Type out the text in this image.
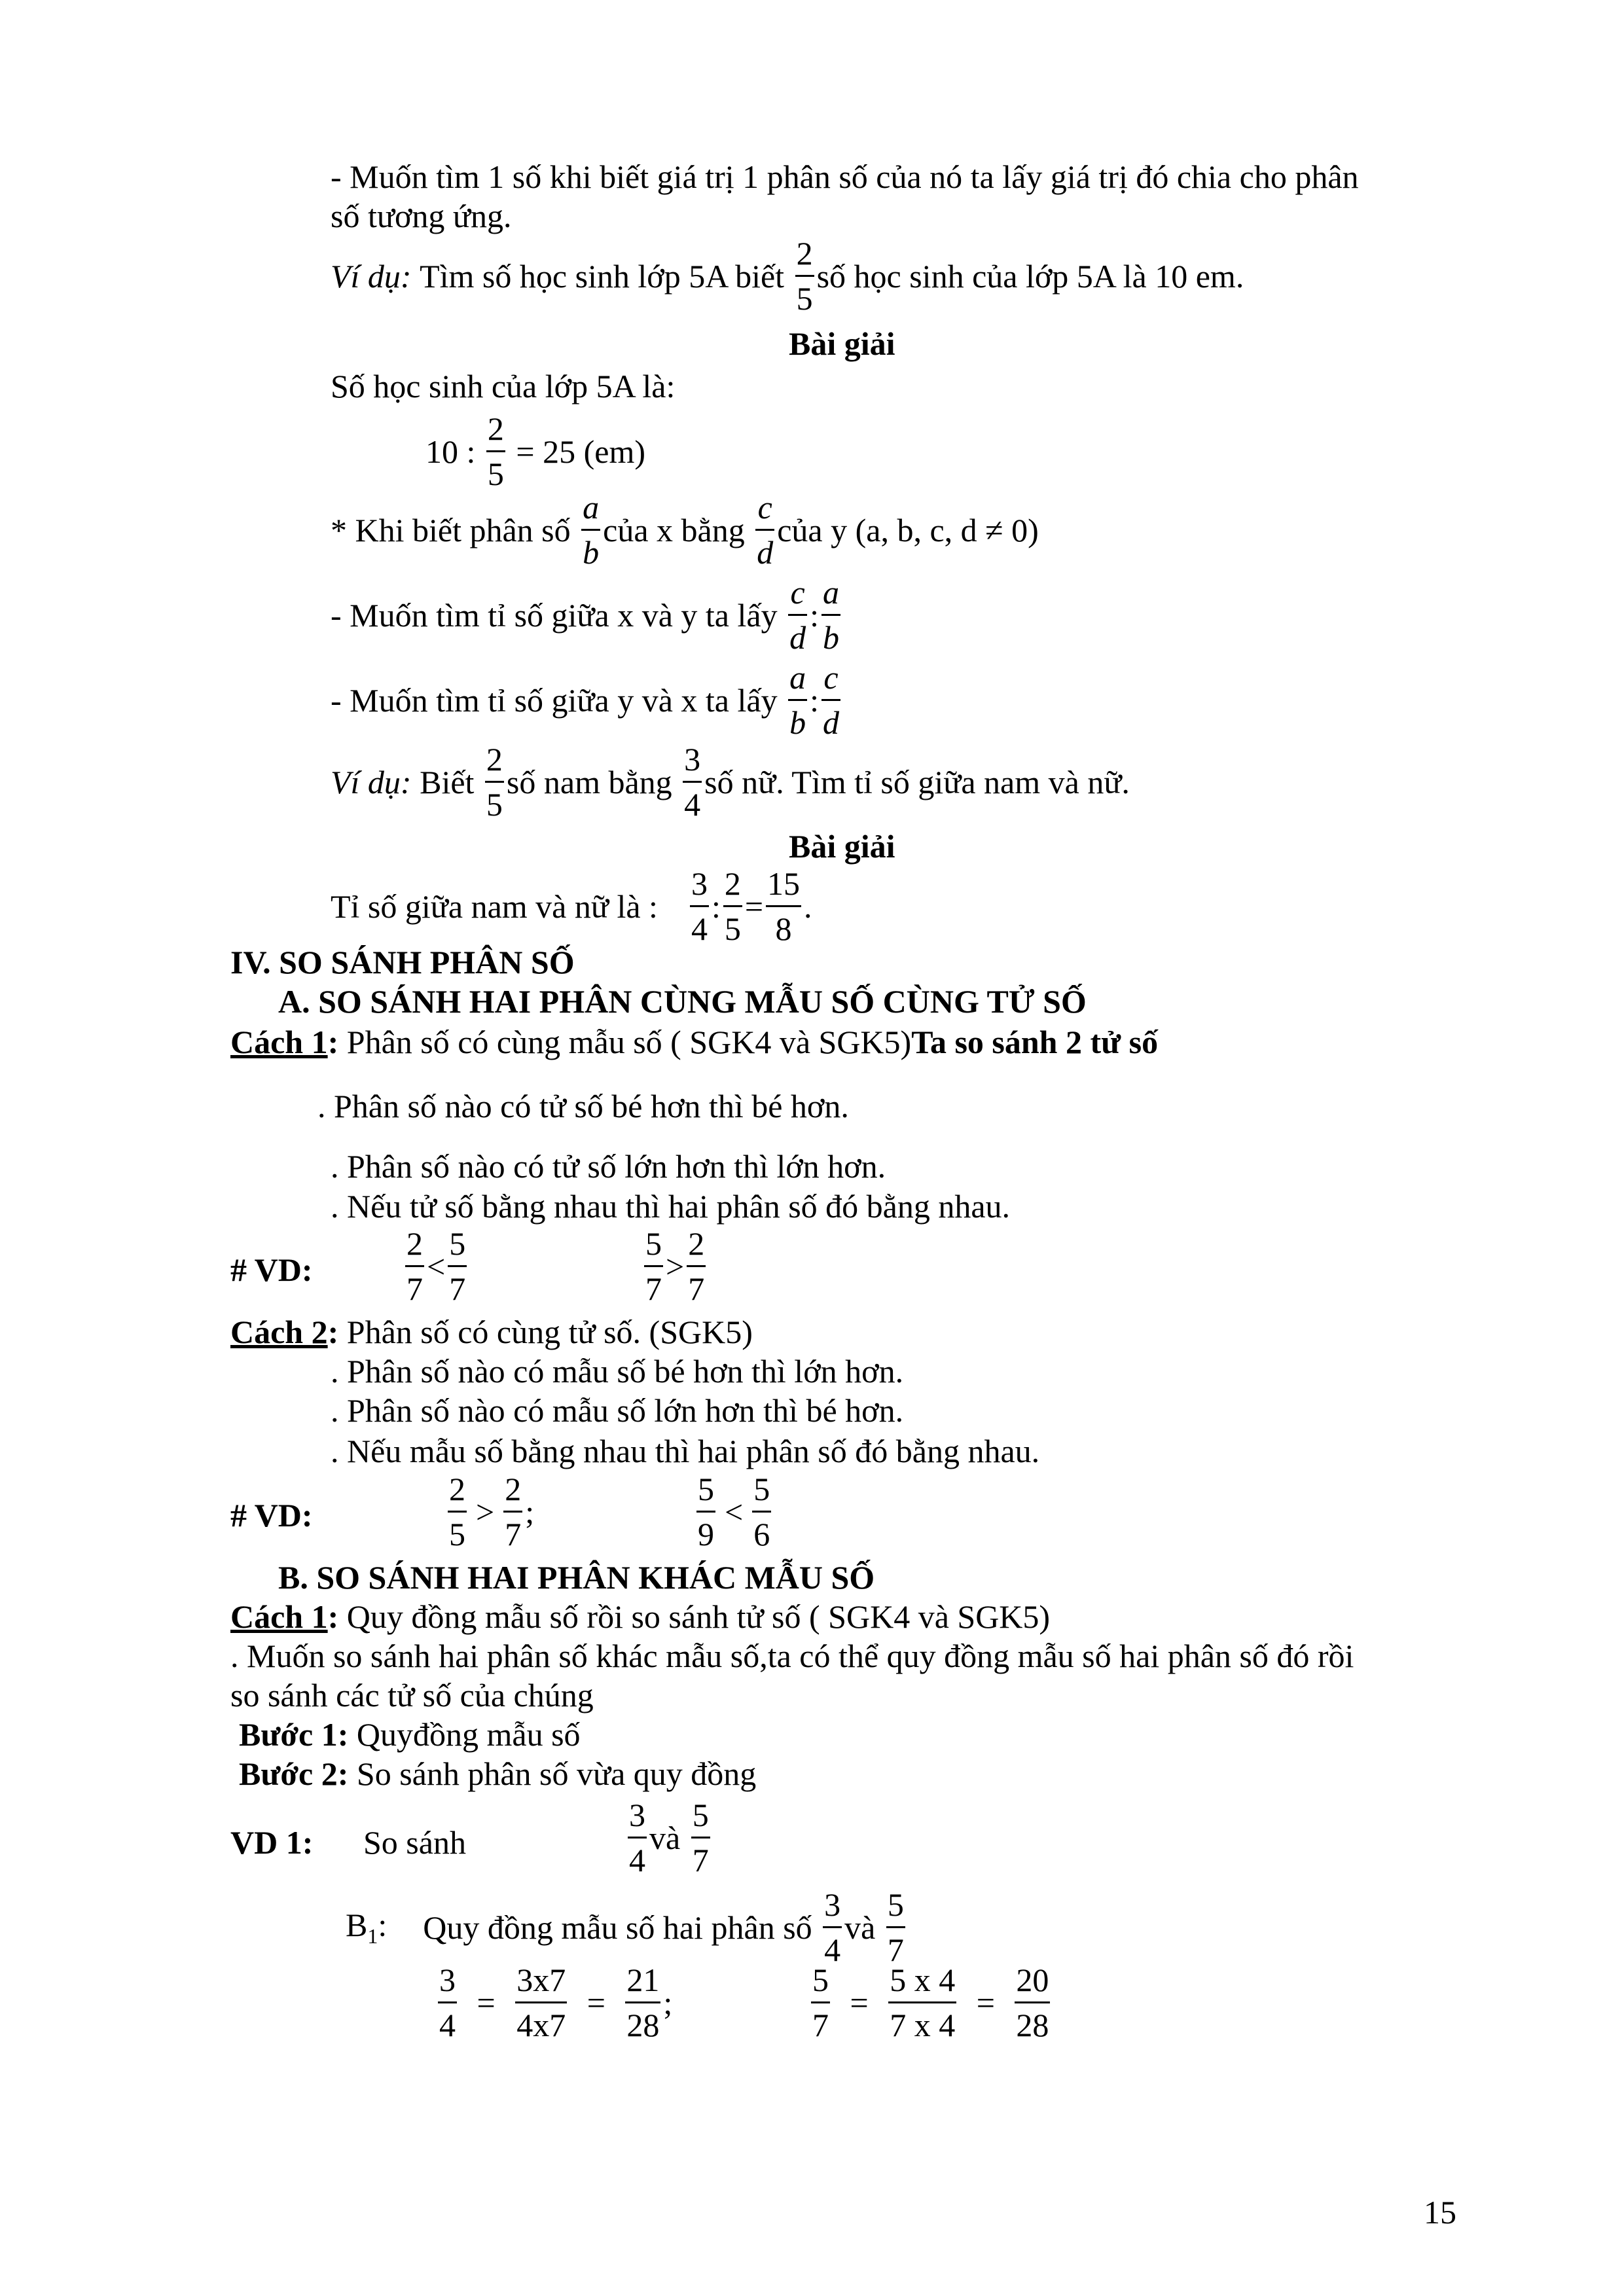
- Muốn tìm 1 số khi biết giá trị 1 phân số của nó ta lấy giá trị đó chia cho phân
số tương ứng.
Ví dụ: Tìm số học sinh lớp 5A biết $\frac{2}{5}$ số học sinh của lớp 5A là 10 em.
Bài giải
Số học sinh của lớp 5A là:
10 : $\frac{2}{5} = 25$ (em)
* Khi biết phân số $\frac{a}{b}$ của x bằng $\frac{c}{d}$ của y (a, b, c, d ≠ 0)
- Muốn tìm tỉ số giữa x và y ta lấy $\frac{c}{d}$ : $\frac{a}{b}$
- Muốn tìm tỉ số giữa y và x ta lấy $\frac{a}{b}$ : $\frac{c}{d}$
Ví dụ: Biết $\frac{2}{5}$ số nam bằng $\frac{3}{4}$ số nữ. Tìm tỉ số giữa nam và nữ.
Bài giải
Tỉ số giữa nam và nữ là : $\frac{3}{4}$ : $\frac{2}{5} = \frac{15}{8}$ .
IV. SO SÁNH PHÂN SỐ
A. SO SÁNH HAI PHÂN CÙNG MẪU SỐ CÙNG TỬ SỐ
Cách 1: Phân số có cùng mẫu số ( SGK4 và SGK5)Ta so sánh 2 tử số
. Phân số nào có tử số bé hơn thì bé hơn.
. Phân số nào có tử số lớn hơn thì lớn hơn.
. Nếu tử số bằng nhau thì hai phân số đó bằng nhau.
# VD:	$\frac{2}{7} < \frac{5}{7}$	$\frac{5}{7} > \frac{2}{7}$
Cách 2: Phân số có cùng tử số. (SGK5)
. Phân số nào có mẫu số bé hơn thì lớn hơn.
. Phân số nào có mẫu số lớn hơn thì bé hơn.
. Nếu mẫu số bằng nhau thì hai phân số đó bằng nhau.
# VD:	$\frac{2}{5} > \frac{2}{7}$ ;	$\frac{5}{9} < \frac{5}{6}$
B. SO SÁNH HAI PHÂN KHÁC MẪU SỐ
Cách 1: Quy đồng mẫu số rồi so sánh tử số ( SGK4 và SGK5)
. Muốn so sánh hai phân số khác mẫu số,ta có thể quy đồng mẫu số hai phân số đó rồi
so sánh các tử số của chúng
Bước 1: Quyđồng mẫu số
Bước 2: So sánh phân số vừa quy đồng
VD 1: So sánh	$\frac{3}{4}$ và $\frac{5}{7}$
$B_1$: Quy đồng mẫu số hai phân số $\frac{3}{4}$ và $\frac{5}{7}$
$\frac{3}{4} = \frac{3x7}{4x7} = \frac{21}{28}$ ;	$\frac{5}{7} = \frac{5 x 4}{7 x 4} = \frac{20}{28}$
15
